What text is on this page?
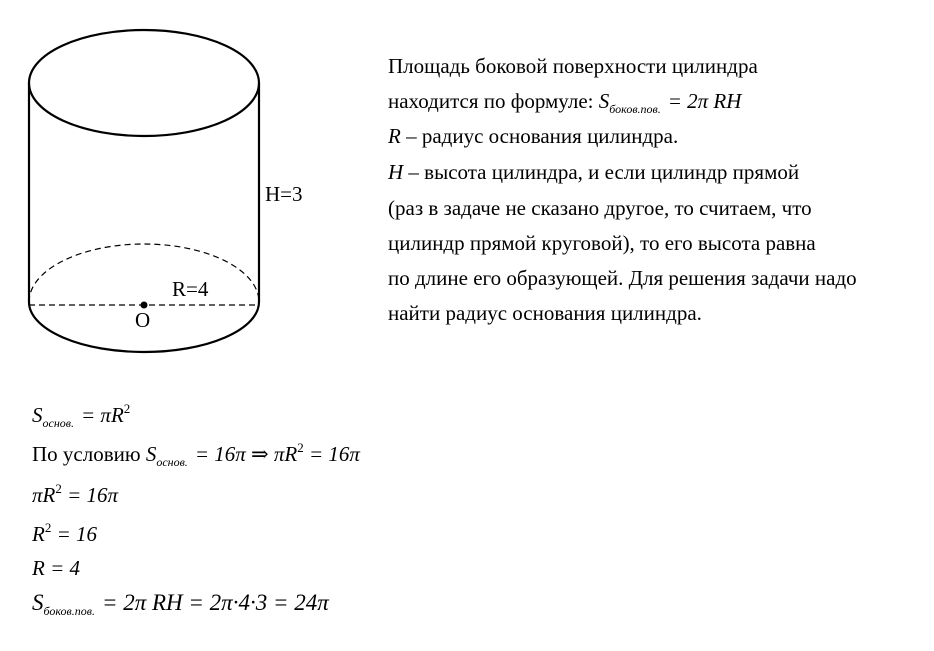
H=3
R=4
O
Площадь боковой поверхности цилиндра
находится по формуле: $S_{боков.пов.} = 2\pi$ RH
R – радиус основания цилиндра.
H – высота цилиндра, и если цилиндр прямой
(раз в задаче не сказано другое, то считаем, что
цилиндр прямой круговой), то его высота равна
по длине его образующей. Для решения задачи надо
найти радиус основания цилиндра.
$S_{основ.} = \pi R^2$
По условию $S_{основ.} = 16\pi$ ⇒ $\pi R^2 = 16\pi$
$\pi R^2 = 16\pi$
$R^2 = 16$
R = 4
$S_{боков.пов.} = 2\pi$ RH = 2π·4·3 = 24π
